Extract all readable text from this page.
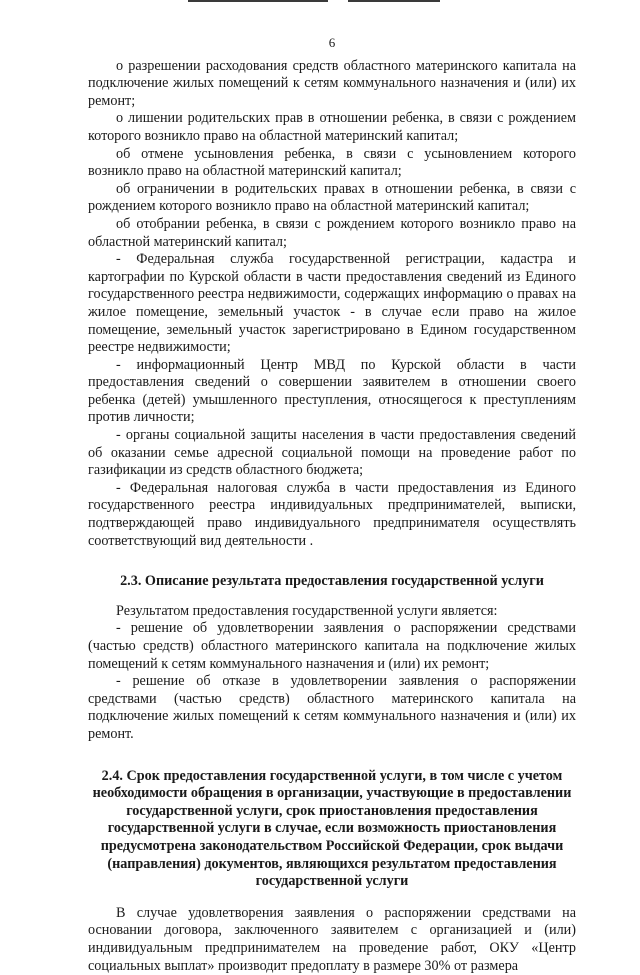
6

о разрешении расходования средств областного материнского капитала на подключение жилых помещений к сетям коммунального назначения и (или) их ремонт;

о лишении родительских прав в отношении ребенка, в связи с рождением которого возникло право на областной материнский капитал;

об отмене усыновления ребенка, в связи с усыновлением которого возникло право на областной материнский капитал;

об ограничении в родительских правах в отношении ребенка, в связи с рождением которого возникло право на областной материнский капитал;

об отобрании ребенка, в связи с рождением которого возникло право на областной материнский капитал;

- Федеральная служба государственной регистрации, кадастра и картографии по Курской области в части предоставления сведений из Единого государственного реестра недвижимости, содержащих информацию о правах на жилое помещение, земельный участок - в случае если право на жилое помещение, земельный участок зарегистрировано в Едином государственном реестре недвижимости;

- информационный Центр МВД по Курской области в части предоставления сведений о совершении заявителем в отношении своего ребенка (детей) умышленного преступления, относящегося к преступлениям против личности;

- органы социальной защиты населения в части предоставления сведений об оказании семье адресной социальной помощи на проведение работ по газификации из средств областного бюджета;

- Федеральная налоговая служба в части предоставления из Единого государственного реестра индивидуальных предпринимателей, выписки, подтверждающей право индивидуального предпринимателя осуществлять соответствующий вид деятельности .

2.3. Описание результата предоставления государственной услуги

Результатом предоставления государственной услуги является:

- решение об удовлетворении заявления о распоряжении средствами (частью средств) областного материнского капитала на подключение жилых помещений к сетям коммунального назначения и (или) их ремонт;

- решение об отказе в удовлетворении заявления о распоряжении средствами (частью средств) областного материнского капитала на подключение жилых помещений к сетям коммунального назначения и (или) их ремонт.

2.4. Срок предоставления государственной услуги, в том числе с учетом необходимости обращения в организации, участвующие в предоставлении государственной услуги, срок приостановления предоставления государственной услуги в случае, если возможность приостановления предусмотрена законодательством Российской Федерации, срок выдачи (направления) документов, являющихся результатом предоставления государственной услуги

В случае удовлетворения заявления о распоряжении средствами на основании договора, заключенного заявителем с организацией и (или) индивидуальным предпринимателем на проведение работ, ОКУ «Центр социальных выплат» производит предоплату в размере 30% от размера
